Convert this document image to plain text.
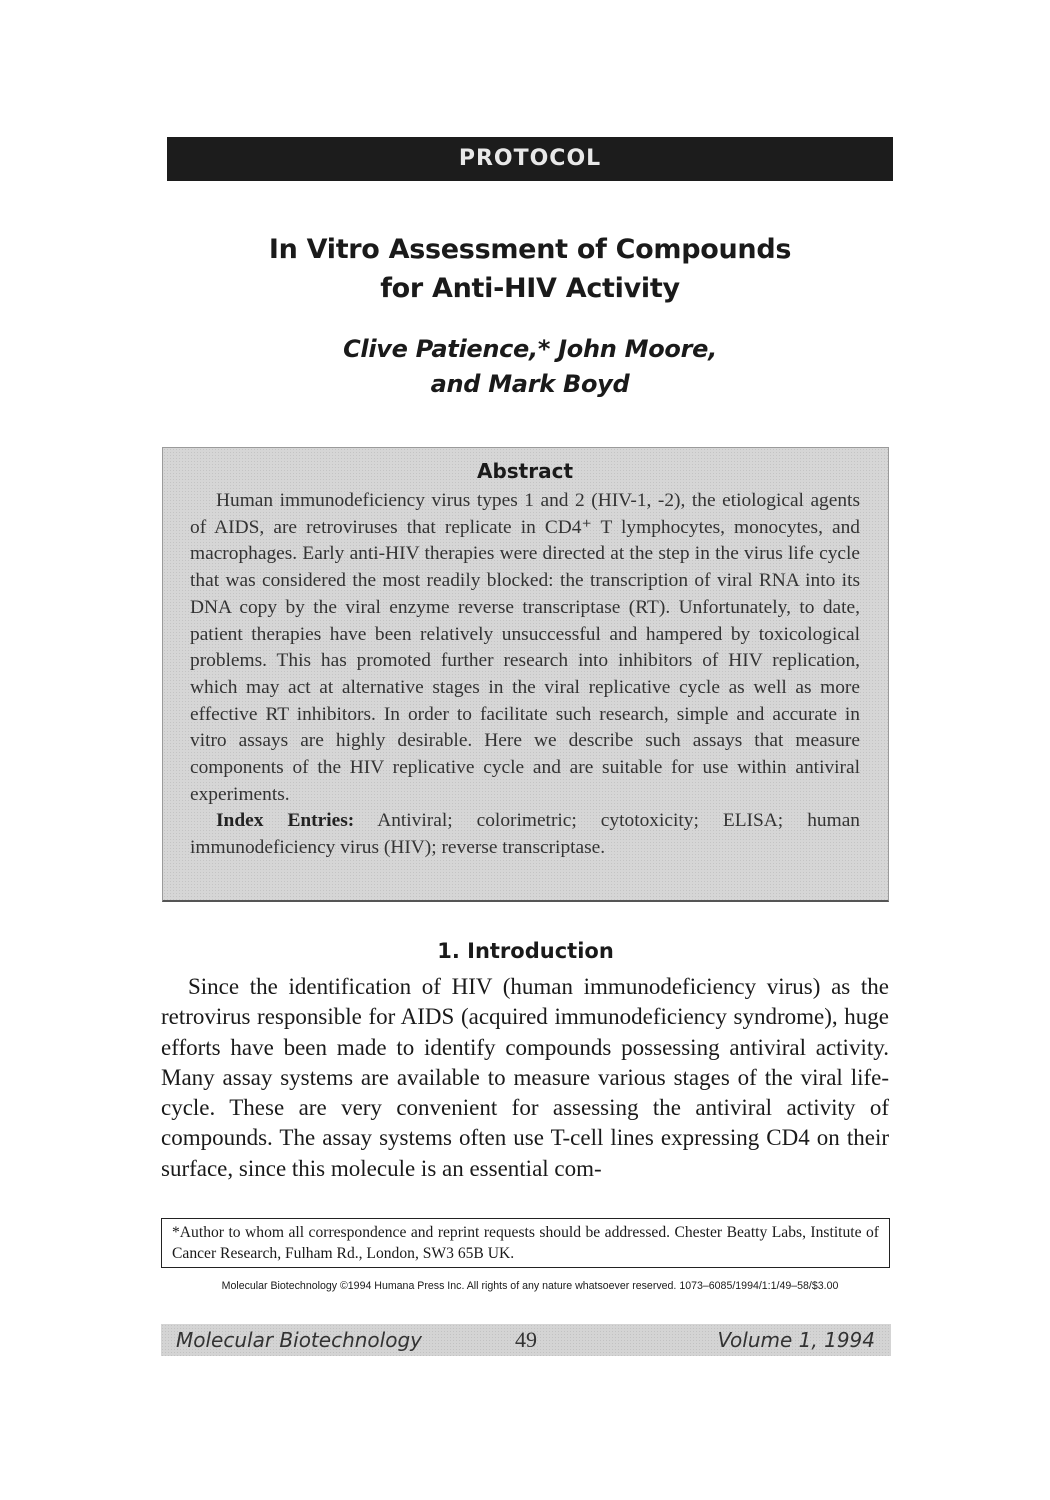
PROTOCOL
In Vitro Assessment of Compounds
for Anti-HIV Activity
Clive Patience,* John Moore,
and Mark Boyd
Abstract

Human immunodeficiency virus types 1 and 2 (HIV-1, -2), the etiological agents of AIDS, are retroviruses that replicate in CD4⁺ T lymphocytes, monocytes, and macrophages. Early anti-HIV therapies were directed at the step in the virus life cycle that was considered the most readily blocked: the transcription of viral RNA into its DNA copy by the viral enzyme reverse transcriptase (RT). Unfortunately, to date, patient therapies have been relatively unsuccessful and hampered by toxicological problems. This has promoted further research into inhibitors of HIV replication, which may act at alternative stages in the viral replicative cycle as well as more effective RT inhibitors. In order to facilitate such research, simple and accurate in vitro assays are highly desirable. Here we describe such assays that measure components of the HIV replicative cycle and are suitable for use within antiviral experiments.

Index Entries: Antiviral; colorimetric; cytotoxicity; ELISA; human immunodeficiency virus (HIV); reverse transcriptase.

1. Introduction

Since the identification of HIV (human immunodeficiency virus) as the retrovirus responsible for AIDS (acquired immunodeficiency syndrome), huge efforts have been made to identify compounds possessing antiviral activity. Many assay systems are available to measure various stages of the viral life-cycle. These are very convenient for assessing the antiviral activity of compounds. The assay systems often use T-cell lines expressing CD4 on their surface, since this molecule is an essential com-

*Author to whom all correspondence and reprint requests should be addressed. Chester Beatty Labs, Institute of Cancer Research, Fulham Rd., London, SW3 65B UK.
Molecular Biotechnology ©1994 Humana Press Inc. All rights of any nature whatsoever reserved. 1073–6085/1994/1:1/49–58/$3.00
Molecular Biotechnology	49	Volume 1, 1994
